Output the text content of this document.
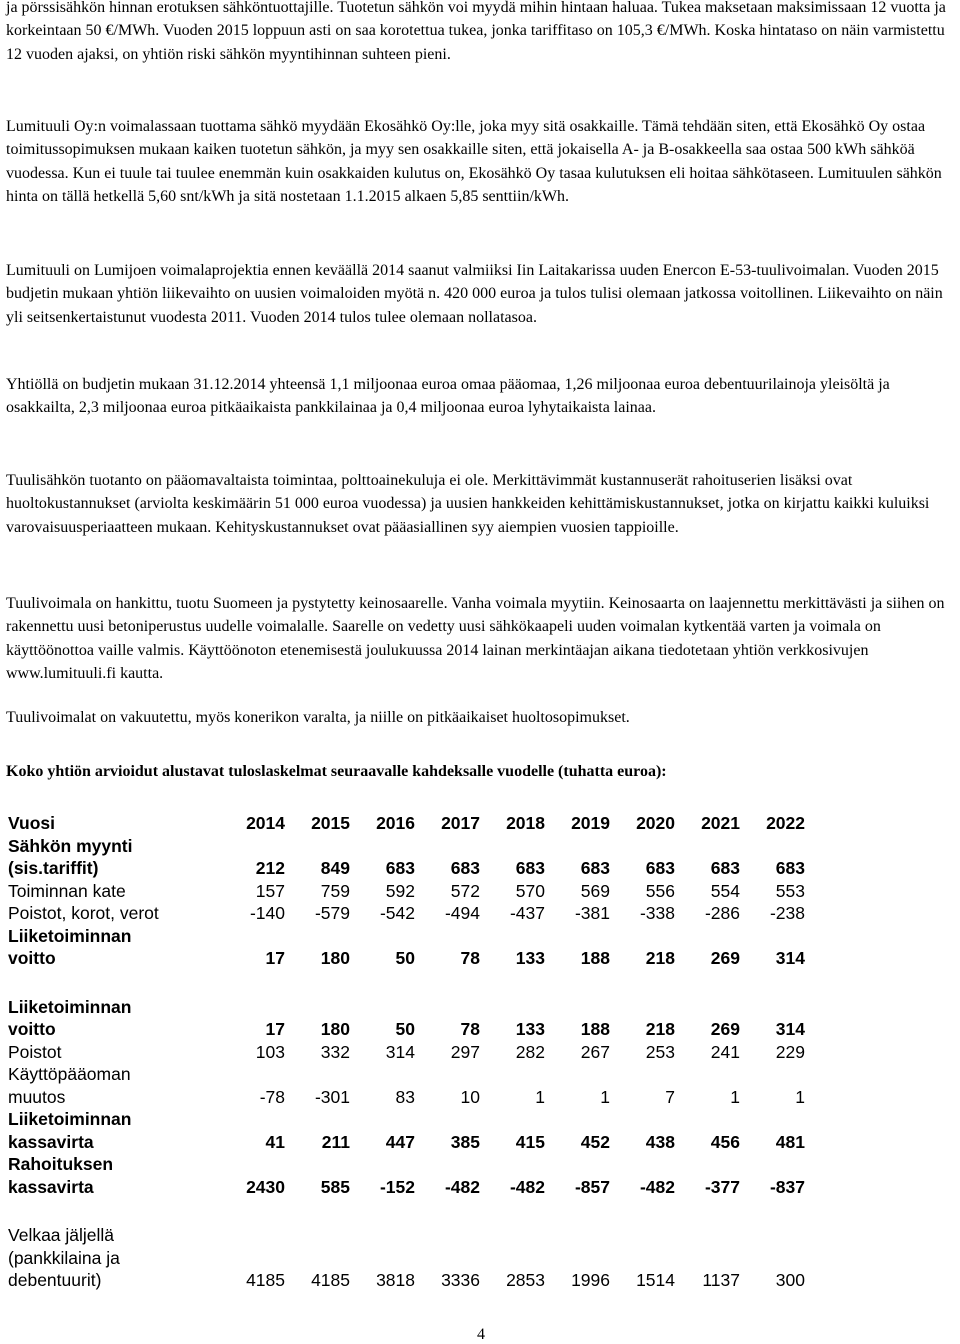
ja pörssisähkön hinnan erotuksen sähköntuottajille. Tuotetun sähkön voi myydä mihin hintaan haluaa. Tukea maksetaan maksimissaan 12 vuotta ja korkeintaan 50 €/MWh. Vuoden 2015 loppuun asti on saa korotettua tukea, jonka tariffitaso on 105,3 €/MWh. Koska hintataso on näin varmistettu 12 vuoden ajaksi, on yhtiön riski sähkön myyntihinnan suhteen pieni.

Lumituuli Oy:n voimalassaan tuottama sähkö myydään Ekosähkö Oy:lle, joka myy sitä osakkaille. Tämä tehdään siten, että Ekosähkö Oy ostaa toimitussopimuksen mukaan kaiken tuotetun sähkön, ja myy sen osakkaille siten, että jokaisella A- ja B-osakkeella saa ostaa 500 kWh sähköä vuodessa. Kun ei tuule tai tuulee enemmän kuin osakkaiden kulutus on, Ekosähkö Oy tasaa kulutuksen eli hoitaa sähkötaseen. Lumituulen sähkön hinta on tällä hetkellä 5,60 snt/kWh ja sitä nostetaan 1.1.2015 alkaen 5,85 senttiin/kWh.

Lumituuli on Lumijoen voimalaprojektia ennen keväällä 2014 saanut valmiiksi Iin Laitakarissa uuden Enercon E-53-tuulivoimalan. Vuoden 2015 budjetin mukaan yhtiön liikevaihto on uusien voimaloiden myötä n. 420 000 euroa ja tulos tulisi olemaan jatkossa voitollinen. Liikevaihto on näin yli seitsenkertaistunut vuodesta 2011. Vuoden 2014 tulos tulee olemaan nollatasoa.

Yhtiöllä on budjetin mukaan 31.12.2014 yhteensä 1,1 miljoonaa euroa omaa pääomaa, 1,26 miljoonaa euroa debentuurilainoja yleisöltä ja osakkailta, 2,3 miljoonaa euroa pitkäaikaista pankkilainaa ja 0,4 miljoonaa euroa lyhytaikaista lainaa.

Tuulisähkön tuotanto on pääomavaltaista toimintaa, polttoainekuluja ei ole. Merkittävimmät kustannuserät rahoituserien lisäksi ovat huoltokustannukset (arviolta keskimäärin 51 000 euroa vuodessa) ja uusien hankkeiden kehittämiskustannukset, jotka on kirjattu kaikki kuluiksi varovaisuusperiaatteen mukaan. Kehityskustannukset ovat pääasiallinen syy aiempien vuosien tappioille.

Tuulivoimala on hankittu, tuotu Suomeen ja pystytetty keinosaarelle. Vanha voimala myytiin. Keinosaarta on laajennettu merkittävästi ja siihen on rakennettu uusi betoniperustus uudelle voimalalle. Saarelle on vedetty uusi sähkökaapeli uuden voimalan kytkentää varten ja voimala on käyttöönottoa vaille valmis. Käyttöönoton etenemisestä joulukuussa 2014 lainan merkintäajan aikana tiedotetaan yhtiön verkkosivujen www.lumituuli.fi kautta.

Tuulivoimalat on vakuutettu, myös konerikon varalta, ja niille on pitkäaikaiset huoltosopimukset.

Koko yhtiön arvioidut alustavat tuloslaskelmat seuraavalle kahdeksalle vuodelle (tuhatta euroa):

Vuosi	2014	2015	2016	2017	2018	2019	2020	2021	2022
Sähkön myynti									
(sis.tariffit)	212	849	683	683	683	683	683	683	683
Toiminnan kate	157	759	592	572	570	569	556	554	553
Poistot, korot, verot	-140	-579	-542	-494	-437	-381	-338	-286	-238
Liiketoiminnan									
voitto	17	180	50	78	133	188	218	269	314

Liiketoiminnan									
voitto	17	180	50	78	133	188	218	269	314
Poistot	103	332	314	297	282	267	253	241	229
Käyttöpääoman									
muutos	-78	-301	83	10	1	1	7	1	1
Liiketoiminnan									
kassavirta	41	211	447	385	415	452	438	456	481
Rahoituksen									
kassavirta	2430	585	-152	-482	-482	-857	-482	-377	-837

Velkaa jäljellä									
(pankkilaina ja									
debentuurit)	4185	4185	3818	3336	2853	1996	1514	1137	300
4
